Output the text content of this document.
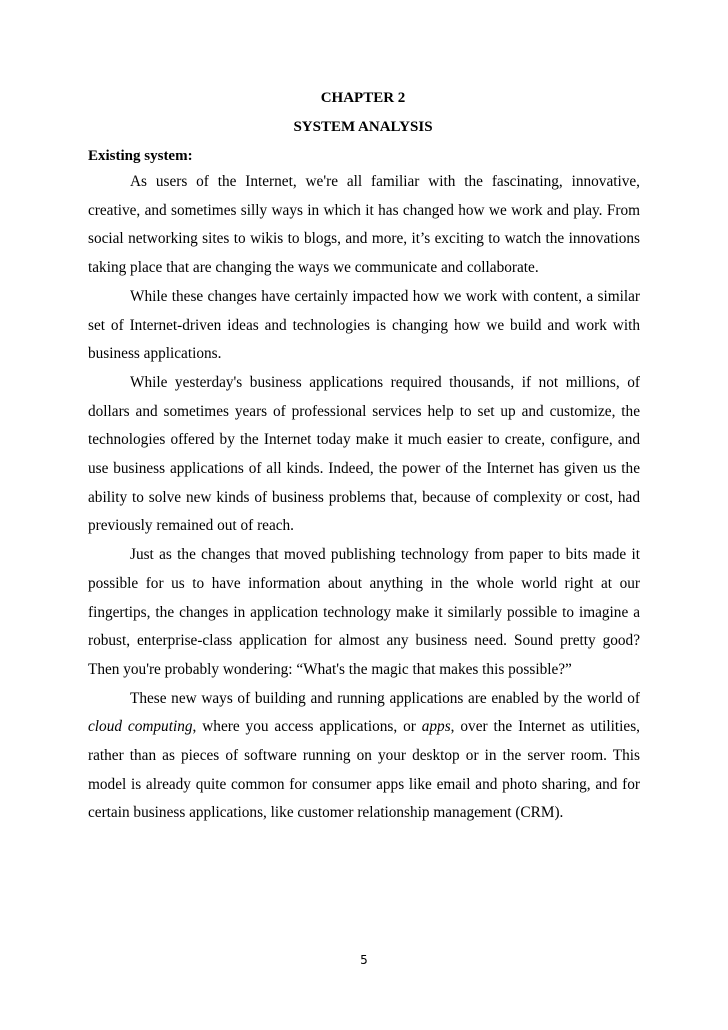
CHAPTER 2
SYSTEM ANALYSIS
Existing system:

As users of the Internet, we're all familiar with the fascinating, innovative, creative, and sometimes silly ways in which it has changed how we work and play. From social networking sites to wikis to blogs, and more, it’s exciting to watch the innovations taking place that are changing the ways we communicate and collaborate.

While these changes have certainly impacted how we work with content, a similar set of Internet-driven ideas and technologies is changing how we build and work with business applications.

While yesterday's business applications required thousands, if not millions, of dollars and sometimes years of professional services help to set up and customize, the technologies offered by the Internet today make it much easier to create, configure, and use business applications of all kinds. Indeed, the power of the Internet has given us the ability to solve new kinds of business problems that, because of complexity or cost, had previously remained out of reach.

Just as the changes that moved publishing technology from paper to bits made it possible for us to have information about anything in the whole world right at our fingertips, the changes in application technology make it similarly possible to imagine a robust, enterprise-class application for almost any business need. Sound pretty good? Then you're probably wondering: “What's the magic that makes this possible?”

These new ways of building and running applications are enabled by the world of cloud computing, where you access applications, or apps, over the Internet as utilities, rather than as pieces of software running on your desktop or in the server room. This model is already quite common for consumer apps like email and photo sharing, and for certain business applications, like customer relationship management (CRM).

5
